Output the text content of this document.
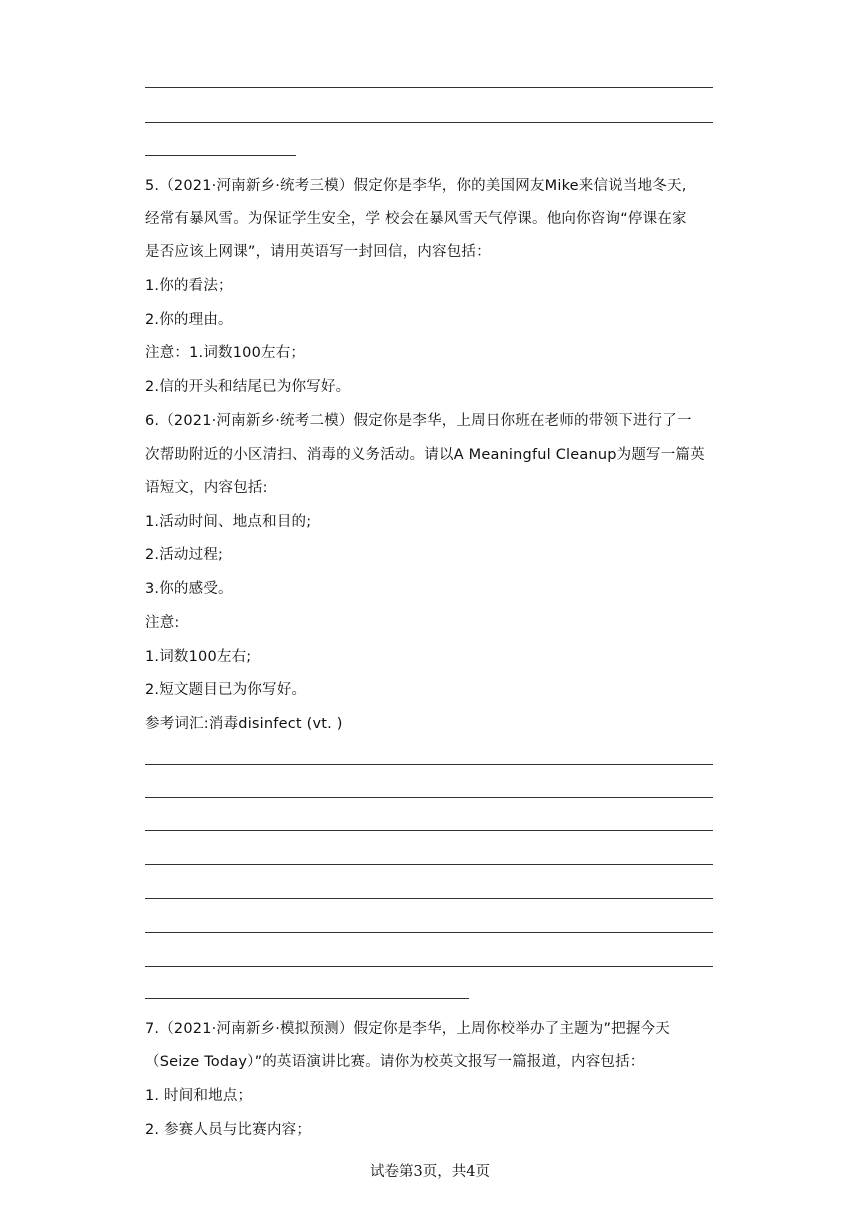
5.（2021·河南新乡·统考三模）假定你是李华，你的美国网友Mike来信说当地冬天,
经常有暴风雪。为保证学生安全，学 校会在暴风雪天气停课。他向你咨询“停课在家
是否应该上网课”，请用英语写一封回信，内容包括：
1.你的看法；
2.你的理由。
注意：1.词数100左右；
2.信的开头和结尾已为你写好。
6.（2021·河南新乡·统考二模）假定你是李华，上周日你班在老师的带领下进行了一
次帮助附近的小区清扫、消毒的义务活动。请以A Meaningful Cleanup为题写一篇英
语短文，内容包括:
1.活动时间、地点和目的;
2.活动过程;
3.你的感受。
注意:
1.词数100左右;
2.短文题目已为你写好。
参考词汇:消毒disinfect (vt. )
7.（2021·河南新乡·模拟预测）假定你是李华，上周你校举办了主题为”把握今天
（Seize Today）”的英语演讲比赛。请你为校英文报写一篇报道，内容包括：
1. 时间和地点；
2. 参赛人员与比赛内容；
试卷第3页，共4页
